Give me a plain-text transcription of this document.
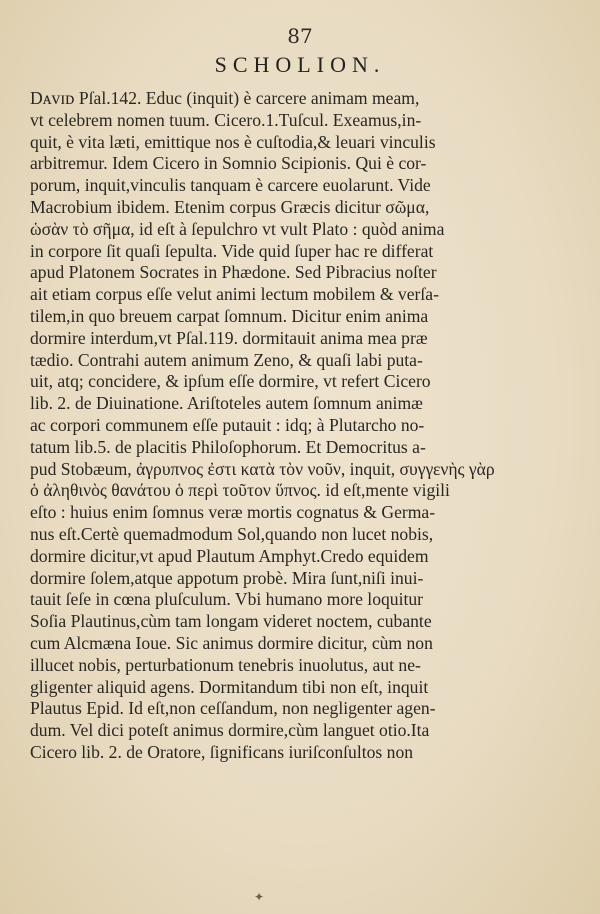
87
SCHOLION.
Dᴀᴠɪᴅ Pſal.142. Educ (inquit) è carcere animam meam,
vt celebrem nomen tuum. Cicero.1.Tuſcul. Exeamus,in-
quit, è vita læti, emittique nos è cuſtodia,& leuari vinculis
arbitremur. Idem Cicero in Somnio Scipionis. Qui è cor-
porum, inquit,vinculis tanquam è carcere euolarunt. Vide
Macrobium ibidem. Etenim corpus Græcis dicitur σῶμα,
ὡσὰν τὸ σῆμα, id eſt à ſepulchro vt vult Plato : quòd anima
in corpore ſit quaſi ſepulta. Vide quid ſuper hac re differat
apud Platonem Socrates in Phædone. Sed Pibracius noſter
ait etiam corpus eſſe velut animi lectum mobilem & verſa-
tilem,in quo breuem carpat ſomnum. Dicitur enim anima
dormire interdum,vt Pſal.119. dormitauit anima mea præ
tædio. Contrahi autem animum Zeno, & quaſi labi puta-
uit, atq; concidere, & ipſum eſſe dormire, vt refert Cicero
lib. 2. de Diuinatione. Ariſtoteles autem ſomnum animæ
ac corpori communem eſſe putauit : idq; à Plutarcho no-
tatum lib.5. de placitis Philoſophorum. Et Democritus a-
pud Stobæum, ἀγρυπνος ἐστι κατὰ τὸν νοῦν, inquit, συγγενὴς γὰρ
ὁ ἀληθινὸς θανάτου ὁ περὶ τοῦτον ὕπνος. id eſt,mente vigili
eſto : huius enim ſomnus veræ mortis cognatus & Germa-
nus eſt.Certè quemadmodum Sol,quando non lucet nobis,
dormire dicitur,vt apud Plautum Amphyt.Credo equidem
dormire ſolem,atque appotum probè. Mira ſunt,niſi inui-
tauit ſeſe in cœna pluſculum. Vbi humano more loquitur
Soſia Plautinus,cùm tam longam videret noctem, cubante
cum Alcmæna Ioue. Sic animus dormire dicitur, cùm non
illucet nobis, perturbationum tenebris inuolutus, aut ne-
gligenter aliquid agens. Dormitandum tibi non eſt, inquit
Plautus Epid. Id eſt,non ceſſandum, non negligenter agen-
dum. Vel dici poteſt animus dormire,cùm languet otio.Ita
Cicero lib. 2. de Oratore, ſignificans iuriſconſultos non
✦
